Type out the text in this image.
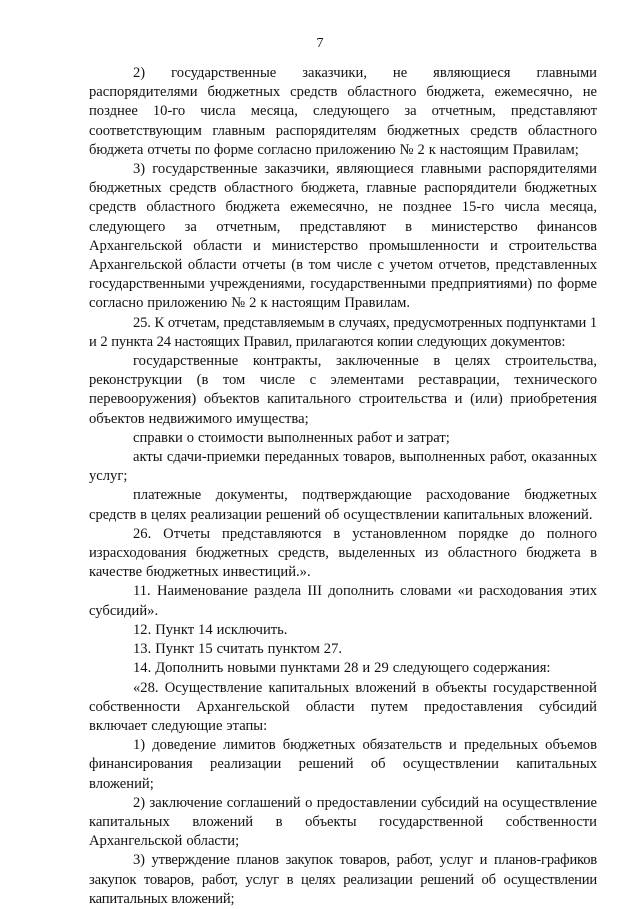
7

2) государственные заказчики, не являющиеся главными распорядителями бюджетных средств областного бюджета, ежемесячно, не позднее 10-го числа месяца, следующего за отчетным, представляют соответствующим главным распорядителям бюджетных средств областного бюджета отчеты по форме согласно приложению № 2 к настоящим Правилам;

3) государственные заказчики, являющиеся главными распорядителями бюджетных средств областного бюджета, главные распорядители бюджетных средств областного бюджета ежемесячно, не позднее 15-го числа месяца, следующего за отчетным, представляют в министерство финансов Архангельской области и министерство промышленности и строительства Архангельской области отчеты (в том числе с учетом отчетов, представленных государственными учреждениями, государственными предприятиями) по форме согласно приложению № 2 к настоящим Правилам.

25. К отчетам, представляемым в случаях, предусмотренных подпунктами 1 и 2 пункта 24 настоящих Правил, прилагаются копии следующих документов:

государственные контракты, заключенные в целях строительства, реконструкции (в том числе с элементами реставрации, технического перевооружения) объектов капитального строительства и (или) приобретения объектов недвижимого имущества;

справки о стоимости выполненных работ и затрат;

акты сдачи-приемки переданных товаров, выполненных работ, оказанных услуг;

платежные документы, подтверждающие расходование бюджетных средств в целях реализации решений об осуществлении капитальных вложений.

26. Отчеты представляются в установленном порядке до полного израсходования бюджетных средств, выделенных из областного бюджета в качестве бюджетных инвестиций.».

11. Наименование раздела III дополнить словами «и расходования этих субсидий».

12. Пункт 14 исключить.

13. Пункт 15 считать пунктом 27.

14. Дополнить новыми пунктами 28 и 29 следующего содержания:

«28. Осуществление капитальных вложений в объекты государственной собственности Архангельской области путем предоставления субсидий включает следующие этапы:

1) доведение лимитов бюджетных обязательств и предельных объемов финансирования реализации решений об осуществлении капитальных вложений;

2) заключение соглашений о предоставлении субсидий на осуществление капитальных вложений в объекты государственной собственности Архангельской области;

3) утверждение планов закупок товаров, работ, услуг и планов-графиков закупок товаров, работ, услуг в целях реализации решений об осуществлении капитальных вложений;
